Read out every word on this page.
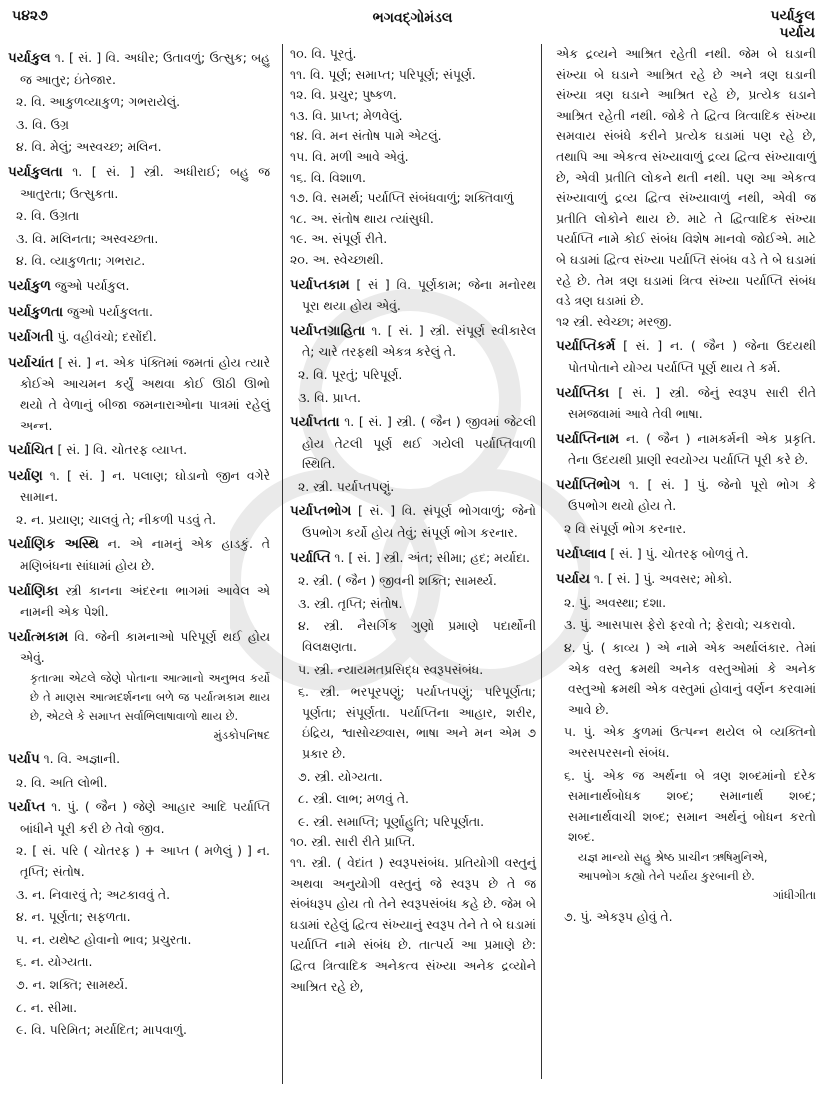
૫૪૨૭	ભગવદ્ગોમંડલ	પર્યાકુલ
પર્યાય
પર્યાકુલ ૧. [ સં. ] વિ. અધીર; ઉતાવળું; ઉત્સુક; બહુ જ આતુર; ઇંતેજાર.
૨. વિ. આકુળવ્યાકુળ; ગભરાયેલું.
૩. વિ. ઉગ્ર
૪. વિ. મેલું; અસ્વચ્છ; મલિન.
પર્યાકુલતા ૧. [ સં. ] સ્ત્રી. અધીરાઈ; બહુ જ આતુરતા; ઉત્સુકતા.
૨. વિ. ઉગ્રતા
૩. વિ. મલિનતા; અસ્વચ્છતા.
૪. વિ. વ્યાકુળતા; ગભરાટ.
પર્યાકુળ જુઓ પર્યાકુલ.
પર્યાકુળતા જુઓ પર્યાકુલતા.
પર્યાગતી પું. વહીવંચો; દસોંદી.
પર્યાચાંત [ સં. ] ન. એક પંક્તિમાં જમતાં હોય ત્યારે કોઈએ આચમન કર્યું અથવા કોઈ ઊઠી ઊભો થયો તે વેળાનું બીજા જમનારાઓના પાત્રમાં રહેલું અન્ન.
પર્યાચિત [ સં. ] વિ. ચોતરફ વ્યાપ્ત.
પર્યાણ ૧. [ સં. ] ન. પલાણ; ઘોડાનો જીન વગેરે સામાન.
૨. ન. પ્રયાણ; ચાલવું તે; નીકળી પડવું તે.
પર્યાણિક અસ્થિ ન. એ નામનું એક હાડકું. તે મણિબંધના સાંધામાં હોય છે.
પર્યાણિકા સ્ત્રી કાનના અંદરના ભાગમાં આવેલ એ નામની એક પેશી.
પર્યાત્મકામ વિ. જેની કામનાઓ પરિપૂર્ણ થઈ હોય એવું.
કૃતાત્મા એટલે જેણે પોતાના આત્માનો અનુભવ કર્યો છે તે માણસ આત્મદર્શનના બળે જ પર્યાત્મકામ થાય છે, એટલે કે સમાપ્ત સર્વાભિલાષાવાળો થાય છે.
મુંડકોપનિષદ
પર્યાપ ૧. વિ. અજ્ઞાની.
૨. વિ. અતિ લોભી.
પર્યાપ્ત ૧. પું. ( જૈન ) જેણે આહાર આદિ પર્યાપ્તિ બાંધીને પૂરી કરી છે તેવો જીવ.
૨. [ સં. પરિ ( ચોતરફ ) + આપ્ત ( મળેલું ) ] ન. તૃપ્તિ; સંતોષ.
૩. ન. નિવારવું તે; અટકાવવું તે.
૪. ન. પૂર્ણતા; સફળતા.
૫. ન. યથેષ્ટ હોવાનો ભાવ; પ્રચુરતા.
૬. ન. યોગ્યતા.
૭. ન. શક્તિ; સામર્થ્ય.
૮. ન. સીમા.
૯. વિ. પરિમિત; મર્યાદિત; માપવાળું.
૧૦. વિ. પૂરતું.
૧૧. વિ. પૂર્ણ; સમાપ્ત; પરિપૂર્ણ; સંપૂર્ણ.
૧૨. વિ. પ્રચુર; પુષ્કળ.
૧૩. વિ. પ્રાપ્ત; મેળવેલું.
૧૪. વિ. મન સંતોષ પામે એટલું.
૧૫. વિ. મળી આવે એવું.
૧૬. વિ. વિશાળ.
૧૭. વિ. સમર્થ; પર્યાપ્તિ સંબંધવાળું; શક્તિવાળું
૧૮. અ. સંતોષ થાય ત્યાંસુધી.
૧૯. અ. સંપૂર્ણ રીતે.
૨૦. અ. સ્વેચ્છાથી.
પર્યાપ્તકામ [ સં ] વિ. પૂર્ણકામ; જેના મનોરથ પૂરા થયા હોય એવું.
પર્યાપ્તગ્રાહિતા ૧. [ સં. ] સ્ત્રી. સંપૂર્ણ સ્વીકારેલ તે; ચારે તરફથી એકત્ર કરેલું તે.
૨. વિ. પૂરતું; પરિપૂર્ણ.
૩. વિ. પ્રાપ્ત.
પર્યાપ્તતા ૧. [ સં. ] સ્ત્રી. ( જૈન ) જીવમાં જેટલી હોય તેટલી પૂર્ણ થઈ ગયેલી પર્યાપ્તિવાળી સ્થિતિ.
૨. સ્ત્રી. પર્યાપ્તપણું.
પર્યાપ્તભોગ [ સં. ] વિ. સંપૂર્ણ ભોગવાળું; જેનો ઉપભોગ કર્યો હોય તેવું; સંપૂર્ણ ભોગ કરનાર.
પર્યાપ્તિ ૧. [ સં. ] સ્ત્રી. અંત; સીમા; હદ; મર્યાદા.
૨. સ્ત્રી. ( જૈન ) જીવની શક્તિ; સામર્થ્ય.
૩. સ્ત્રી. તૃપ્તિ; સંતોષ.
૪. સ્ત્રી. નૈસર્ગિક ગુણો પ્રમાણે પદાર્થોની વિલક્ષણતા.
૫. સ્ત્રી. ન્યાયમતપ્રસિદ્ધ સ્વરૂપસંબંધ.
૬. સ્ત્રી. ભરપૂરપણું; પર્યાપ્તપણું; પરિપૂર્ણતા; પૂર્ણતા; સંપૂર્ણતા. પર્યાપ્તિના આહાર, શરીર, ઇંદ્રિય, શ્વાસોચ્છ્વાસ, ભાષા અને મન એમ ૭ પ્રકાર છે.
૭. સ્ત્રી. યોગ્યતા.
૮. સ્ત્રી. લાભ; મળવું તે.
૯. સ્ત્રી. સમાપ્તિ; પૂર્ણાહુતિ; પરિપૂર્ણતા.
૧૦. સ્ત્રી. સારી રીતે પ્રાપ્તિ.
૧૧. સ્ત્રી. ( વેદાંત ) સ્વરૂપસંબંધ. પ્રતિયોગી વસ્તુનું અથવા અનુયોગી વસ્તુનું જે સ્વરૂપ છે તે જ સંબંધરૂપ હોય તો તેને સ્વરૂપસંબંધ કહે છે. જેમ બે ઘડામાં રહેલું દ્વિત્વ સંખ્યાનું સ્વરૂપ તેને તે બે ઘડામાં પર્યાપ્તિ નામે સંબંધ છે. તાત્પર્ય આ પ્રમાણે છે: દ્વિત્વ ત્રિત્વાદિક અનેકત્વ સંખ્યા અનેક દ્રવ્યોને આશ્રિત રહે છે,
એક દ્રવ્યને આશ્રિત રહેતી નથી. જેમ બે ઘડાની સંખ્યા બે ઘડાને આશ્રિત રહે છે અને ત્રણ ઘડાની સંખ્યા ત્રણ ઘડાને આશ્રિત રહે છે, પ્રત્યેક ઘડાને આશ્રિત રહેતી નથી. જોકે તે દ્વિત્વ ત્રિત્વાદિક સંખ્યા સમવાય સંબંધે કરીને પ્રત્યેક ઘડામાં પણ રહે છે, તથાપિ આ એકત્વ સંખ્યાવાળું દ્રવ્ય દ્વિત્વ સંખ્યાવાળું છે, એવી પ્રતીતિ લોકને થતી નથી. પણ આ એકત્વ સંખ્યાવાળું દ્રવ્ય દ્વિત્વ સંખ્યાવાળું નથી, એવી જ પ્રતીતિ લોકોને થાય છે. માટે તે દ્વિત્વાદિક સંખ્યા પર્યાપ્તિ નામે કોઈ સંબંધ વિશેષ માનવો જોઈએ. માટે બે ઘડામાં દ્વિત્વ સંખ્યા પર્યાપ્તિ સંબંધ વડે તે બે ઘડામાં રહે છે. તેમ ત્રણ ઘડામાં ત્રિત્વ સંખ્યા પર્યાપ્તિ સંબંધ વડે ત્રણ ઘડામાં છે.
૧૨ સ્ત્રી. સ્વેચ્છા; મરજી.
પર્યાપ્તિકર્મ [ સં. ] ન. ( જૈન ) જેના ઉદયથી પોતપોતાને યોગ્ય પર્યાપ્તિ પૂર્ણ થાય તે કર્મ.
પર્યાપ્તિકા [ સં. ] સ્ત્રી. જેનું સ્વરૂપ સારી રીતે સમજવામાં આવે તેવી ભાષા.
પર્યાપ્તિનામ ન. ( જૈન ) નામકર્મની એક પ્રકૃતિ. તેના ઉદયથી પ્રાણી સ્વયોગ્ય પર્યાપ્તિ પૂરી કરે છે.
પર્યાપ્તિભોગ ૧. [ સં. ] પું. જેનો પૂરો ભોગ કે ઉપભોગ થયો હોય તે.
૨ વિ સંપૂર્ણ ભોગ કરનાર.
પર્યાપ્લાવ [ સં. ] પું. ચોતરફ બોળવું તે.
પર્યાય ૧. [ સં. ] પું. અવસર; મોકો.
૨. પું. અવસ્થા; દશા.
૩. પું. આસપાસ ફેરો ફરવો તે; ફેરાવો; ચકરાવો.
૪. પું. ( કાવ્ય ) એ નામે એક અર્થાલંકાર. તેમાં એક વસ્તુ ક્રમથી અનેક વસ્તુઓમાં કે અનેક વસ્તુઓ ક્રમથી એક વસ્તુમાં હોવાનું વર્ણન કરવામાં આવે છે.
૫. પું. એક કુળમાં ઉત્પન્ન થયેલ બે વ્યક્તિનો અરસપરસનો સંબંધ.
૬. પું. એક જ અર્થના બે ત્રણ શબ્દમાંનો દરેક સમાનાર્થબોધક શબ્દ; સમાનાર્થ શબ્દ; સમાનાર્થવાચી શબ્દ; સમાન અર્થનું બોધન કરતો શબ્દ.
યજ્ઞ માન્યો સહુ શ્રેષ્ઠ પ્રાચીન ઋષિમુનિએ,
આપભોગ કહ્યો તેને પર્યાય કુરબાની છે.
ગાંધીગીતા
૭. પું. એકરૂપ હોવું તે.
